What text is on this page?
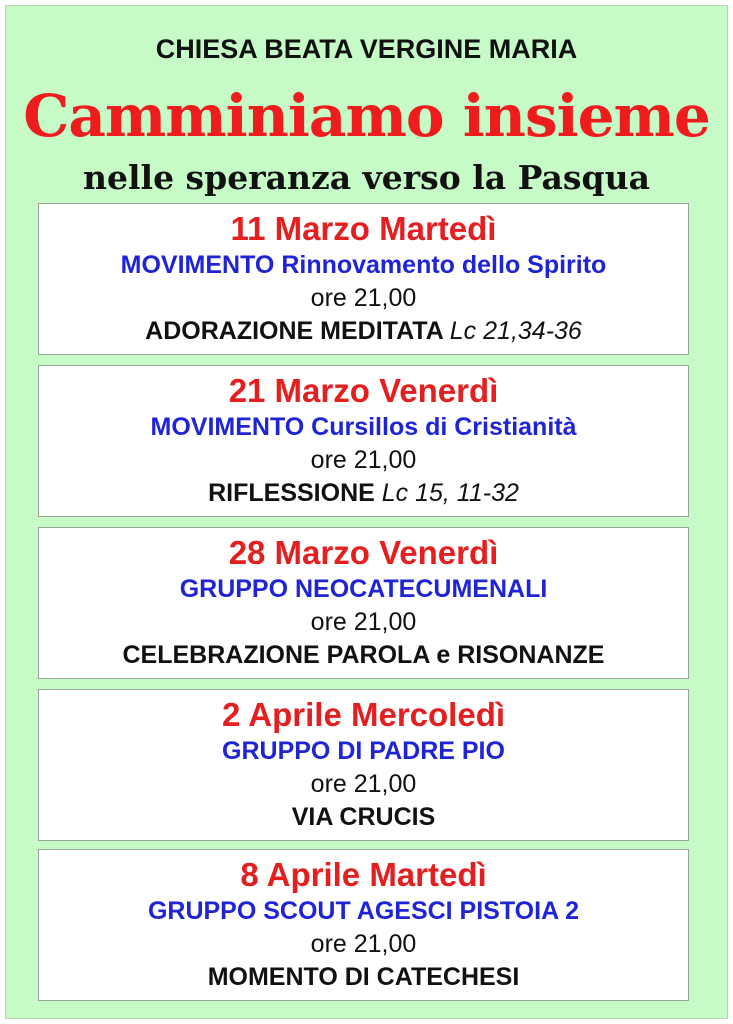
CHIESA BEATA VERGINE MARIA
Camminiamo insieme
nelle speranza verso la Pasqua
11 Marzo Martedì
MOVIMENTO Rinnovamento dello Spirito
ore 21,00
ADORAZIONE MEDITATA Lc 21,34-36
21 Marzo Venerdì
MOVIMENTO Cursillos di Cristianità
ore 21,00
RIFLESSIONE Lc 15, 11-32
28 Marzo Venerdì
GRUPPO NEOCATECUMENALI
ore 21,00
CELEBRAZIONE PAROLA e RISONANZE
2 Aprile Mercoledì
GRUPPO DI PADRE PIO
ore 21,00
VIA CRUCIS
8 Aprile Martedì
GRUPPO SCOUT AGESCI PISTOIA 2
ore 21,00
MOMENTO DI CATECHESI
